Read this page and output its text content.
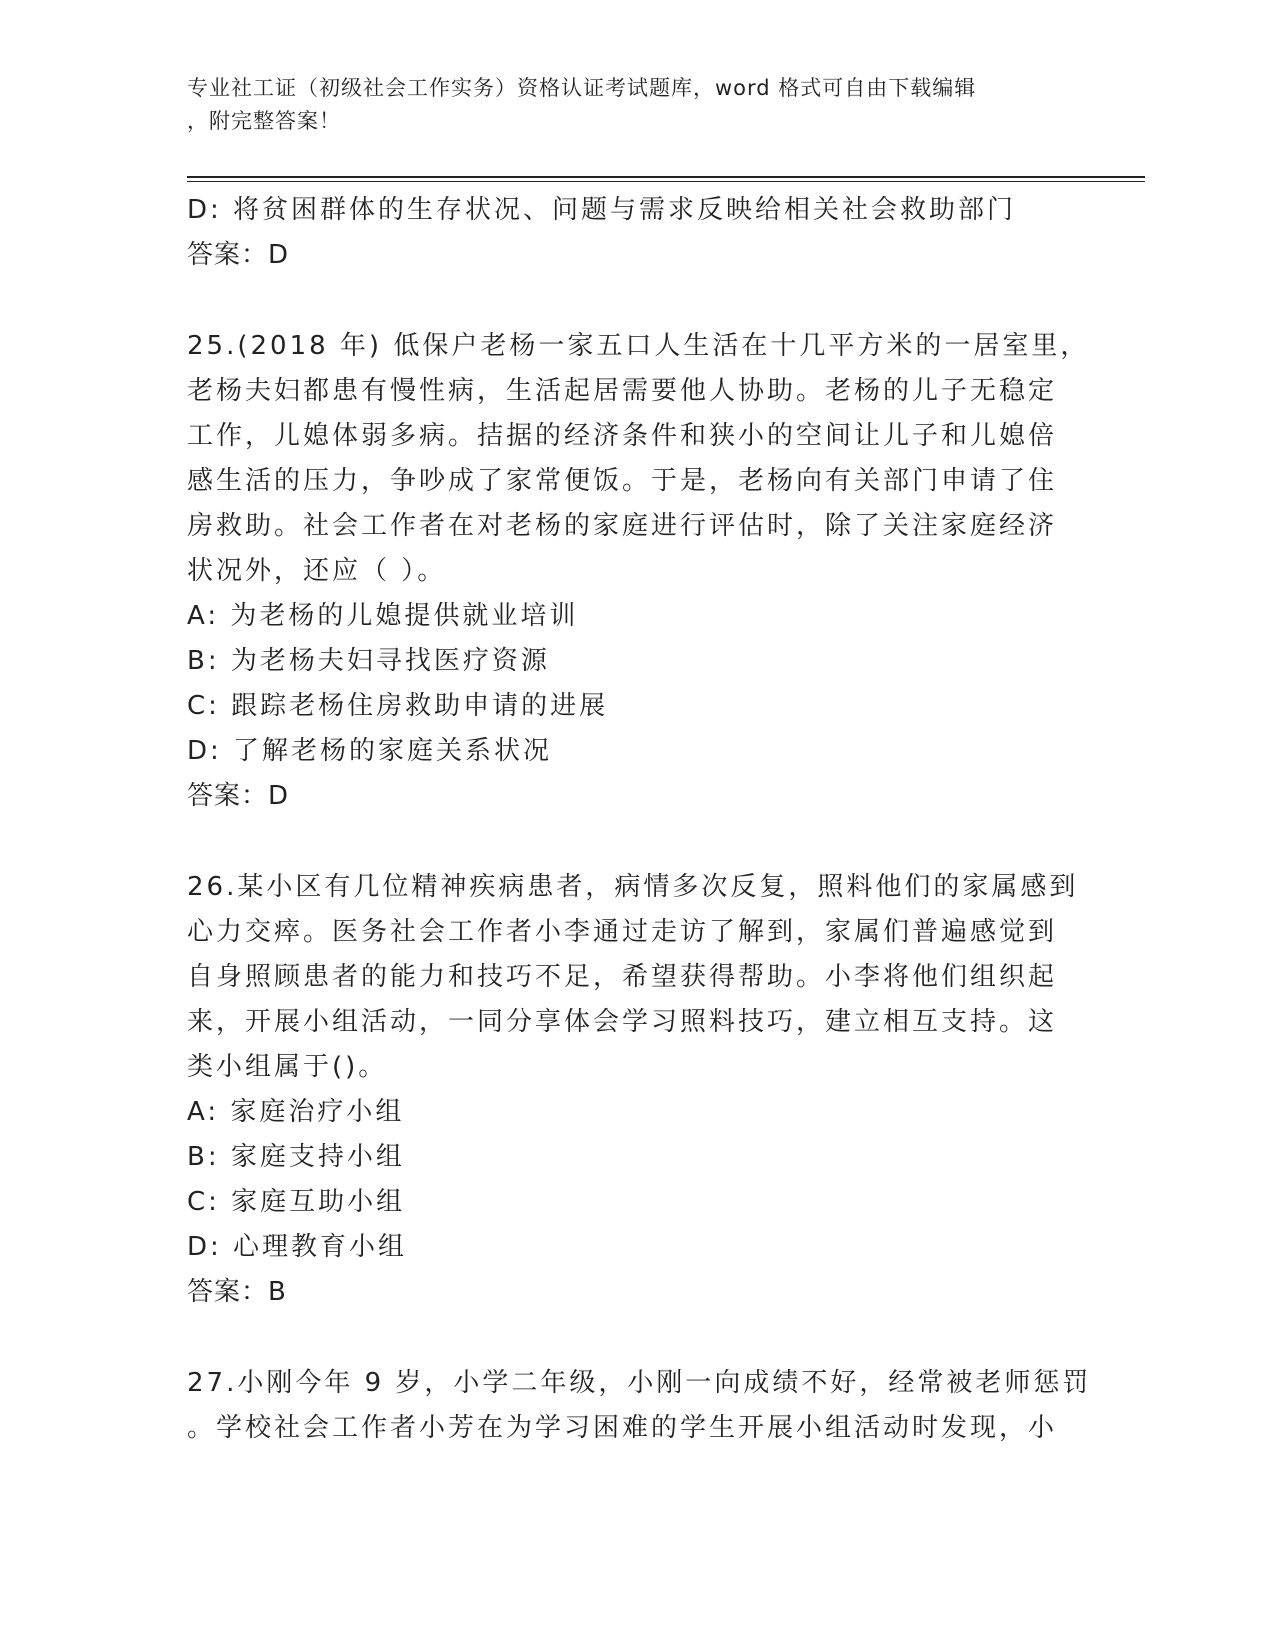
专业社工证（初级社会工作实务）资格认证考试题库，word 格式可自由下载编辑
，附完整答案！
D: 将贫困群体的生存状况、问题与需求反映给相关社会救助部门
答案：D
25.(2018 年) 低保户老杨一家五口人生活在十几平方米的一居室里，
老杨夫妇都患有慢性病，生活起居需要他人协助。老杨的儿子无稳定
工作，儿媳体弱多病。拮据的经济条件和狭小的空间让儿子和儿媳倍
感生活的压力，争吵成了家常便饭。于是，老杨向有关部门申请了住
房救助。社会工作者在对老杨的家庭进行评估时，除了关注家庭经济
状况外，还应（ ）。
A: 为老杨的儿媳提供就业培训
B: 为老杨夫妇寻找医疗资源
C: 跟踪老杨住房救助申请的进展
D: 了解老杨的家庭关系状况
答案：D
26.某小区有几位精神疾病患者，病情多次反复，照料他们的家属感到
心力交瘁。医务社会工作者小李通过走访了解到，家属们普遍感觉到
自身照顾患者的能力和技巧不足，希望获得帮助。小李将他们组织起
来，开展小组活动，一同分享体会学习照料技巧，建立相互支持。这
类小组属于()。
A: 家庭治疗小组
B: 家庭支持小组
C: 家庭互助小组
D: 心理教育小组
答案：B
27.小刚今年 9 岁，小学二年级，小刚一向成绩不好，经常被老师惩罚
。学校社会工作者小芳在为学习困难的学生开展小组活动时发现，小
